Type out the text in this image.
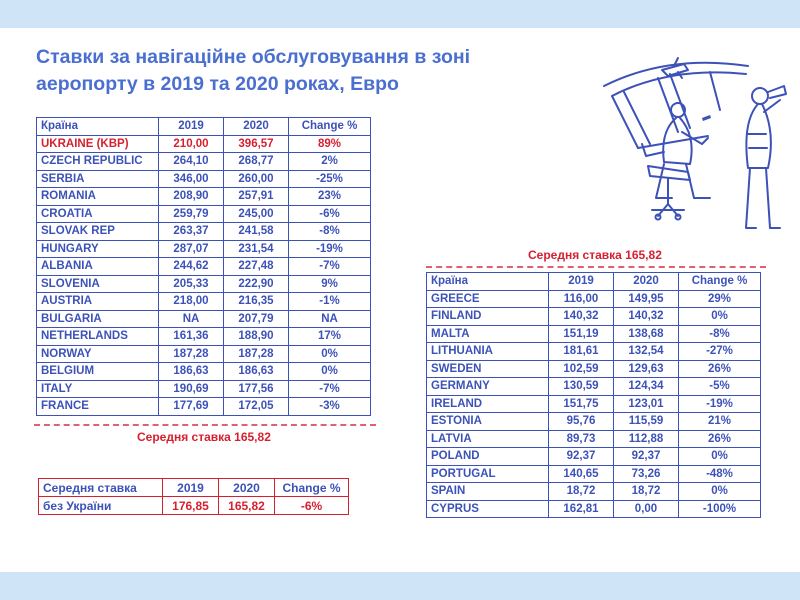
Ставки за навігаційне обслуговування в зоні аеропорту в 2019 та 2020 роках, Евро
Країна	2019	2020	Change %
UKRAINE (KBP)	210,00	396,57	89%
CZECH REPUBLIC	264,10	268,77	2%
SERBIA	346,00	260,00	-25%
ROMANIA	208,90	257,91	23%
CROATIA	259,79	245,00	-6%
SLOVAK REP	263,37	241,58	-8%
HUNGARY	287,07	231,54	-19%
ALBANIA	244,62	227,48	-7%
SLOVENIA	205,33	222,90	9%
AUSTRIA	218,00	216,35	-1%
BULGARIA	NA	207,79	NA
NETHERLANDS	161,36	188,90	17%
NORWAY	187,28	187,28	0%
BELGIUM	186,63	186,63	0%
ITALY	190,69	177,56	-7%
FRANCE	177,69	172,05	-3%
Середня ставка 165,82
Середня ставка 165,82
Країна	2019	2020	Change %
GREECE	116,00	149,95	29%
FINLAND	140,32	140,32	0%
MALTA	151,19	138,68	-8%
LITHUANIA	181,61	132,54	-27%
SWEDEN	102,59	129,63	26%
GERMANY	130,59	124,34	-5%
IRELAND	151,75	123,01	-19%
ESTONIA	95,76	115,59	21%
LATVIA	89,73	112,88	26%
POLAND	92,37	92,37	0%
PORTUGAL	140,65	73,26	-48%
SPAIN	18,72	18,72	0%
CYPRUS	162,81	0,00	-100%
Середня ставка	2019	2020	Change %
без України	176,85	165,82	-6%
